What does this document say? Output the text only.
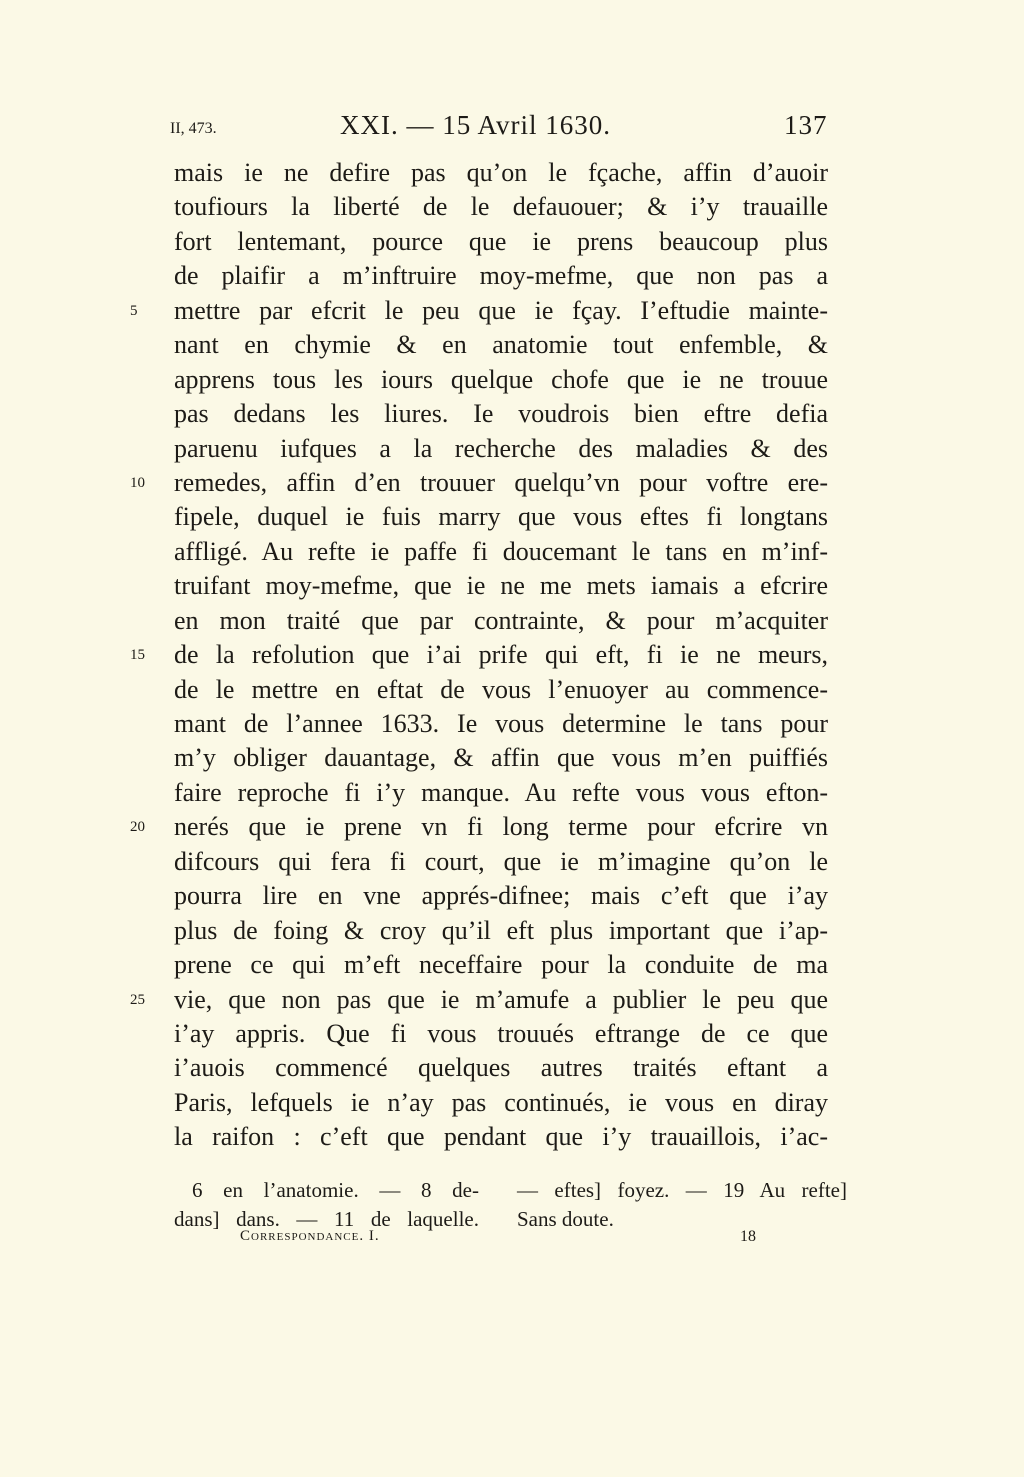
II, 473.	XXI. — 15 Avril 1630.	137
mais ie ne defire pas qu’on le fçache, affin d’auoir
toufiours la liberté de le defauouer; & i’y trauaille
fort lentemant, pource que ie prens beaucoup plus
de plaifir a m’inftruire moy-mefme, que non pas a
5	mettre par efcrit le peu que ie fçay. I’eftudie mainte-
nant en chymie & en anatomie tout enfemble, &
apprens tous les iours quelque chofe que ie ne trouue
pas dedans les liures. Ie voudrois bien eftre defia
paruenu iufques a la recherche des maladies & des
10	remedes, affin d’en trouuer quelqu’vn pour voftre ere-
fipele, duquel ie fuis marry que vous eftes fi longtans
affligé. Au refte ie paffe fi doucemant le tans en m’inf-
truifant moy-mefme, que ie ne me mets iamais a efcrire
en mon traité que par contrainte, & pour m’acquiter
15	de la refolution que i’ai prife qui eft, fi ie ne meurs,
de le mettre en eftat de vous l’enuoyer au commence-
mant de l’annee 1633. Ie vous determine le tans pour
m’y obliger dauantage, & affin que vous m’en puiffiés
faire reproche fi i’y manque. Au refte vous vous efton-
20	nerés que ie prene vn fi long terme pour efcrire vn
difcours qui fera fi court, que ie m’imagine qu’on le
pourra lire en vne apprés-difnee; mais c’eft que i’ay
plus de foing & croy qu’il eft plus important que i’ap-
prene ce qui m’eft neceffaire pour la conduite de ma
25	vie, que non pas que ie m’amufe a publier le peu que
i’ay appris. Que fi vous trouués eftrange de ce que
i’auois commencé quelques autres traités eftant a
Paris, lefquels ie n’ay pas continués, ie vous en diray
la raifon : c’eft que pendant que i’y trauaillois, i’ac-
6 en l’anatomie. — 8 de-
dans] dans. — 11 de laquelle.
— eftes] foyez. — 19 Au refte]
Sans doute.
Correspondance. I.	18
